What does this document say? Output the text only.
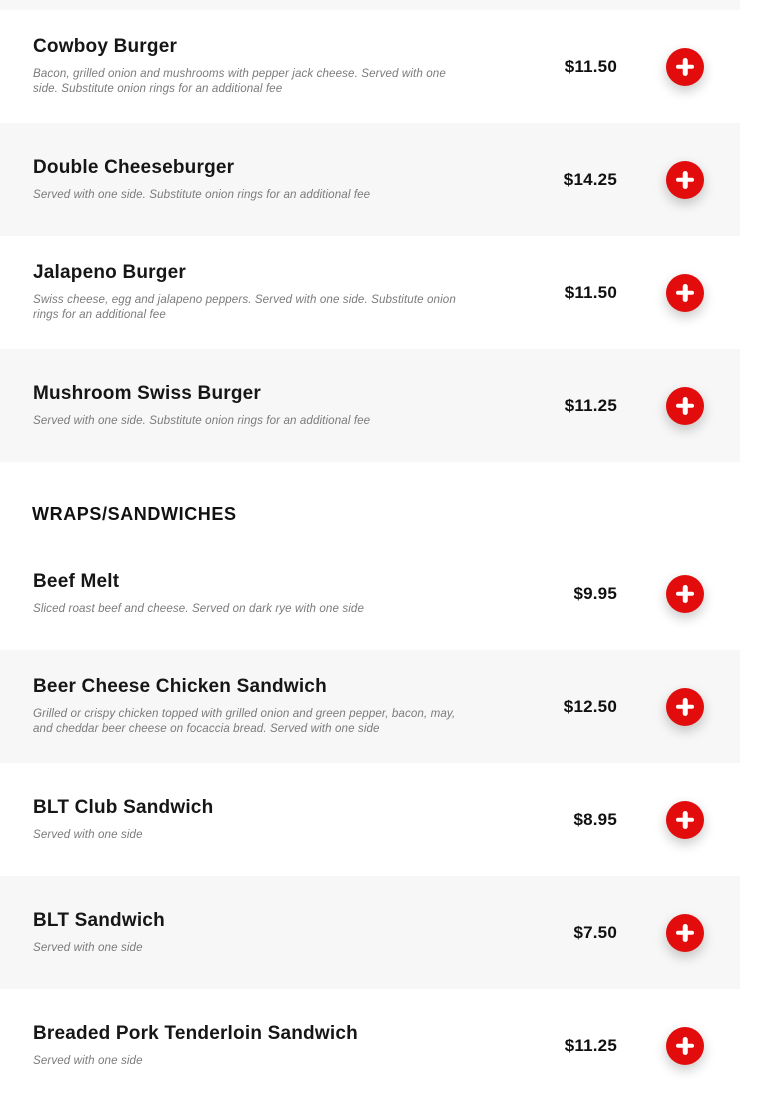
Cowboy Burger
Bacon, grilled onion and mushrooms with pepper jack cheese. Served with one side. Substitute onion rings for an additional fee
$11.50
Double Cheeseburger
Served with one side. Substitute onion rings for an additional fee
$14.25
Jalapeno Burger
Swiss cheese, egg and jalapeno peppers. Served with one side. Substitute onion rings for an additional fee
$11.50
Mushroom Swiss Burger
Served with one side. Substitute onion rings for an additional fee
$11.25
WRAPS/SANDWICHES
Beef Melt
Sliced roast beef and cheese. Served on dark rye with one side
$9.95
Beer Cheese Chicken Sandwich
Grilled or crispy chicken topped with grilled onion and green pepper, bacon, may, and cheddar beer cheese on focaccia bread. Served with one side
$12.50
BLT Club Sandwich
Served with one side
$8.95
BLT Sandwich
Served with one side
$7.50
Breaded Pork Tenderloin Sandwich
Served with one side
$11.25
